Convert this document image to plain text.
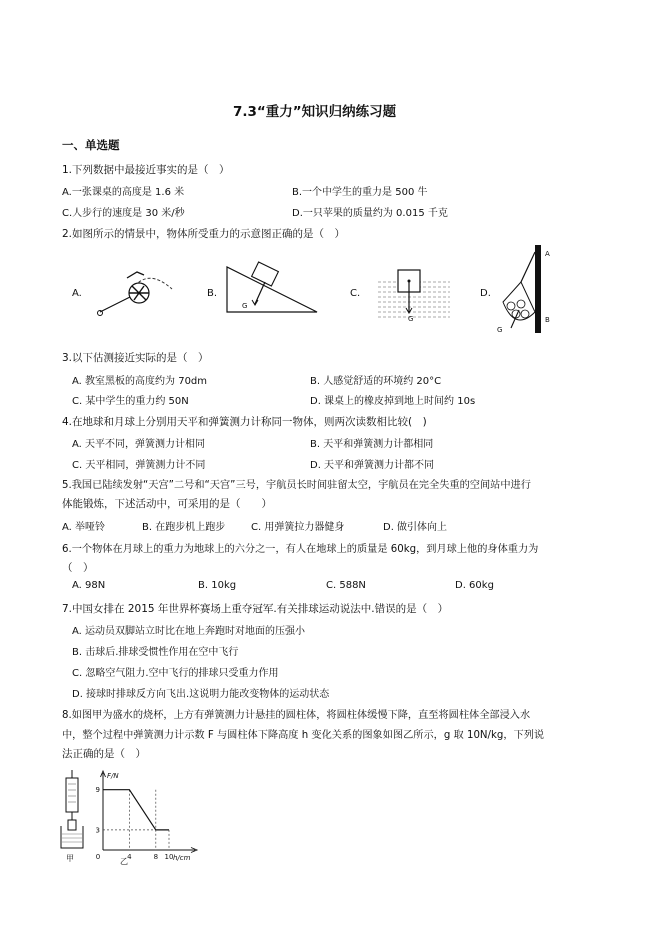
7.3“重力”知识归纳练习题
一、单选题
1.下列数据中最接近事实的是（　）
A.一张课桌的高度是 1.6 米	B.一个中学生的重力是 500 牛
C.人步行的速度是 30 米/秒	D.一只苹果的质量约为 0.015 千克
2.如图所示的情景中，物体所受重力的示意图正确的是（　）
A.	B.
G
C.
G
D.
A
B
G
3.以下估测接近实际的是（　）
A. 教室黑板的高度约为 70dm	B. 人感觉舒适的环境约 20°C
C. 某中学生的重力约 50N	D. 课桌上的橡皮掉到地上时间约 10s
4.在地球和月球上分别用天平和弹簧测力计称同一物体，则两次读数相比较(　)
A. 天平不同，弹簧测力计相同	B. 天平和弹簧测力计都相同
C. 天平相同，弹簧测力计不同	D. 天平和弹簧测力计都不同
5.我国已陆续发射“天宫”二号和“天宫”三号，宇航员长时间驻留太空，宇航员在完全失重的空间站中进行
体能锻炼，下述活动中，可采用的是（　　）
A. 举哑铃	B. 在跑步机上跑步	C. 用弹簧拉力器健身	D. 做引体向上
6.一个物体在月球上的重力为地球上的六分之一，有人在地球上的质量是 60kg，到月球上他的身体重力为
（　）
A. 98N	B. 10kg	C. 588N	D. 60kg
7.中国女排在 2015 年世界杯赛场上重夺冠军.有关排球运动说法中.错误的是（　）
A. 运动员双脚站立时比在地上奔跑时对地面的压强小
B. 击球后.排球受惯性作用在空中飞行
C. 忽略空气阻力.空中飞行的排球只受重力作用
D. 接球时排球反方向飞出.这说明力能改变物体的运动状态
8.如图甲为盛水的烧杯，上方有弹簧测力计悬挂的圆柱体，将圆柱体缓慢下降，直至将圆柱体全部浸入水
中，整个过程中弹簧测力计示数 F 与圆柱体下降高度 h 变化关系的图象如图乙所示，g 取 10N/kg，下列说
法正确的是（　）
甲
F/N
h/cm
3
9
0	4	8 10
乙
